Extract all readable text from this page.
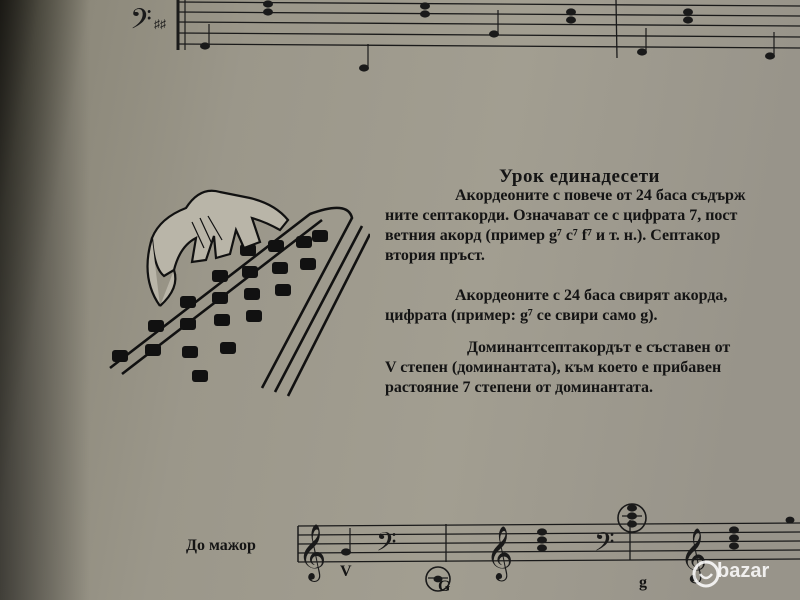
𝄢 ♯♯
Урок единадесети
Акордеоните с повече от 24 баса съдърж
ните септакорди. Означават се с цифрата 7, пост
ветния акорд (пример g⁷ c⁷ f⁷ и т. н.). Септакор
втория пръст.
Акордеоните с 24 баса свирят акорда,
цифрата (пример: g⁷ се свири само g).
Доминантсептакордът е съставен от
V степен (доминантата), към което е прибавен
растояние 7 степени от доминантата.
До мажор 𝄞 𝄢 𝄞	𝄢 𝄞
V
G	g
bazar
